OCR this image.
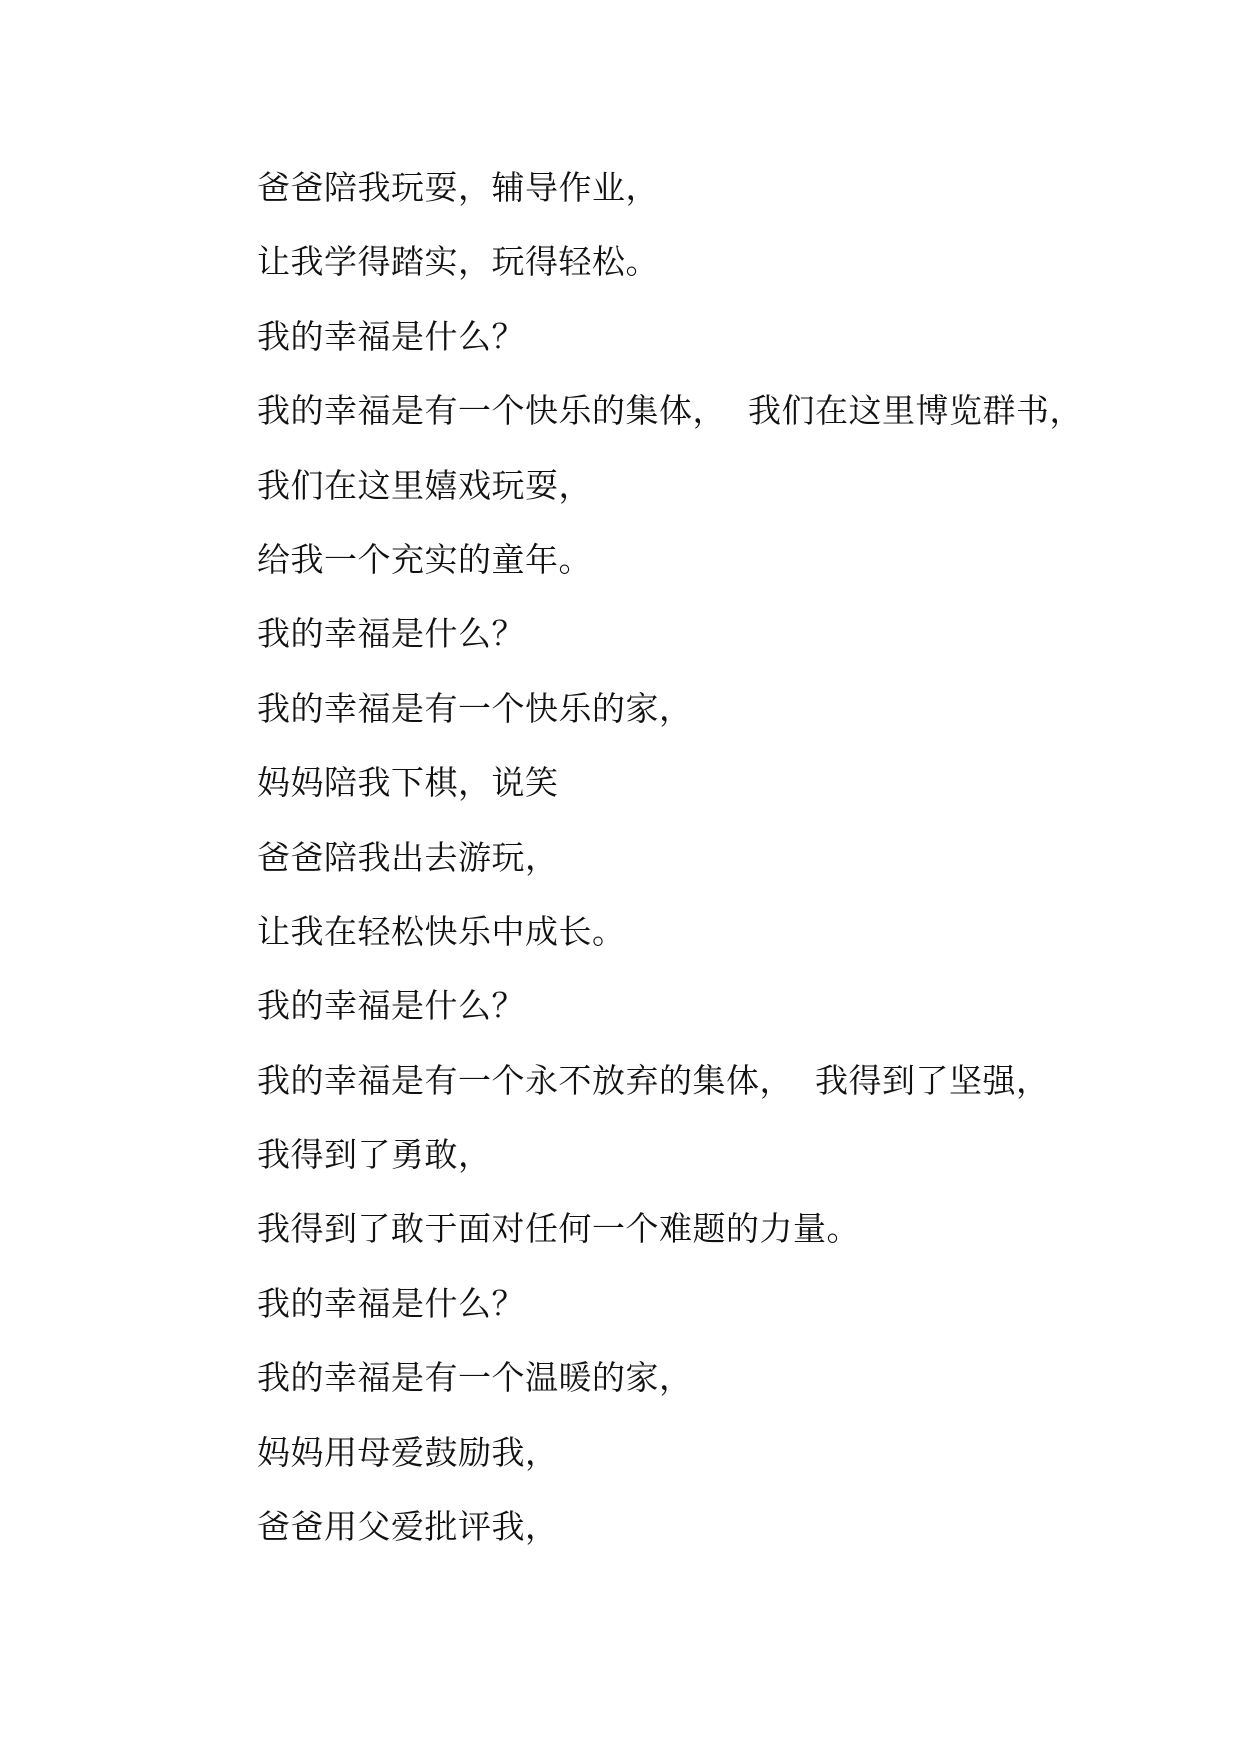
爸爸陪我玩耍，辅导作业，
让我学得踏实，玩得轻松。
我的幸福是什么？
我的幸福是有一个快乐的集体，  我们在这里博览群书，
我们在这里嬉戏玩耍，
给我一个充实的童年。
我的幸福是什么？
我的幸福是有一个快乐的家，
妈妈陪我下棋，说笑
爸爸陪我出去游玩，
让我在轻松快乐中成长。
我的幸福是什么？
我的幸福是有一个永不放弃的集体，  我得到了坚强，
我得到了勇敢，
我得到了敢于面对任何一个难题的力量。
我的幸福是什么？
我的幸福是有一个温暖的家，
妈妈用母爱鼓励我，
爸爸用父爱批评我，
